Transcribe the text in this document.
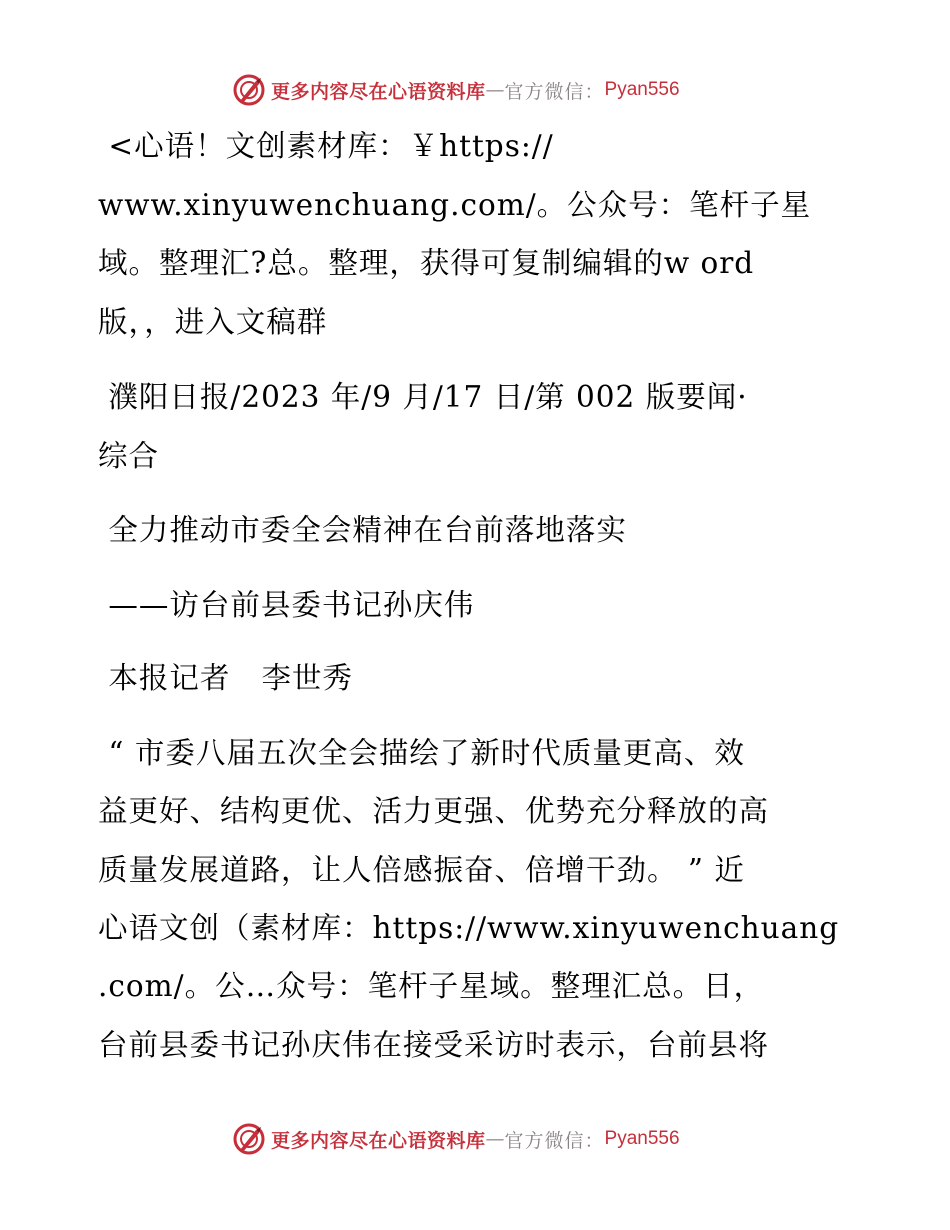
更多内容尽在心语资料库 — 官方微信： Pyan556
<心语！文创素材库：￥https://
www.xinyuwenchuang.com/。公众号：笔杆子星
域。整理汇?总。整理，获得可复制编辑的w ord
版，，进入文稿群
濮阳日报/2023 年/9 月/17 日/第 002 版要闻·
综合
全力推动市委全会精神在台前落地落实
——访台前县委书记孙庆伟
本报记者   李世秀
“ 市委八届五次全会描绘了新时代质量更高、效
益更好、结构更优、活力更强、优势充分释放的高
质量发展道路，让人倍感振奋、倍增干劲。 ” 近
心语文创（素材库：https://www.xinyuwenchuang
.com/。公…众号：笔杆子星域。整理汇总。日，
台前县委书记孙庆伟在接受采访时表示，台前县将
更多内容尽在心语资料库 — 官方微信： Pyan556
